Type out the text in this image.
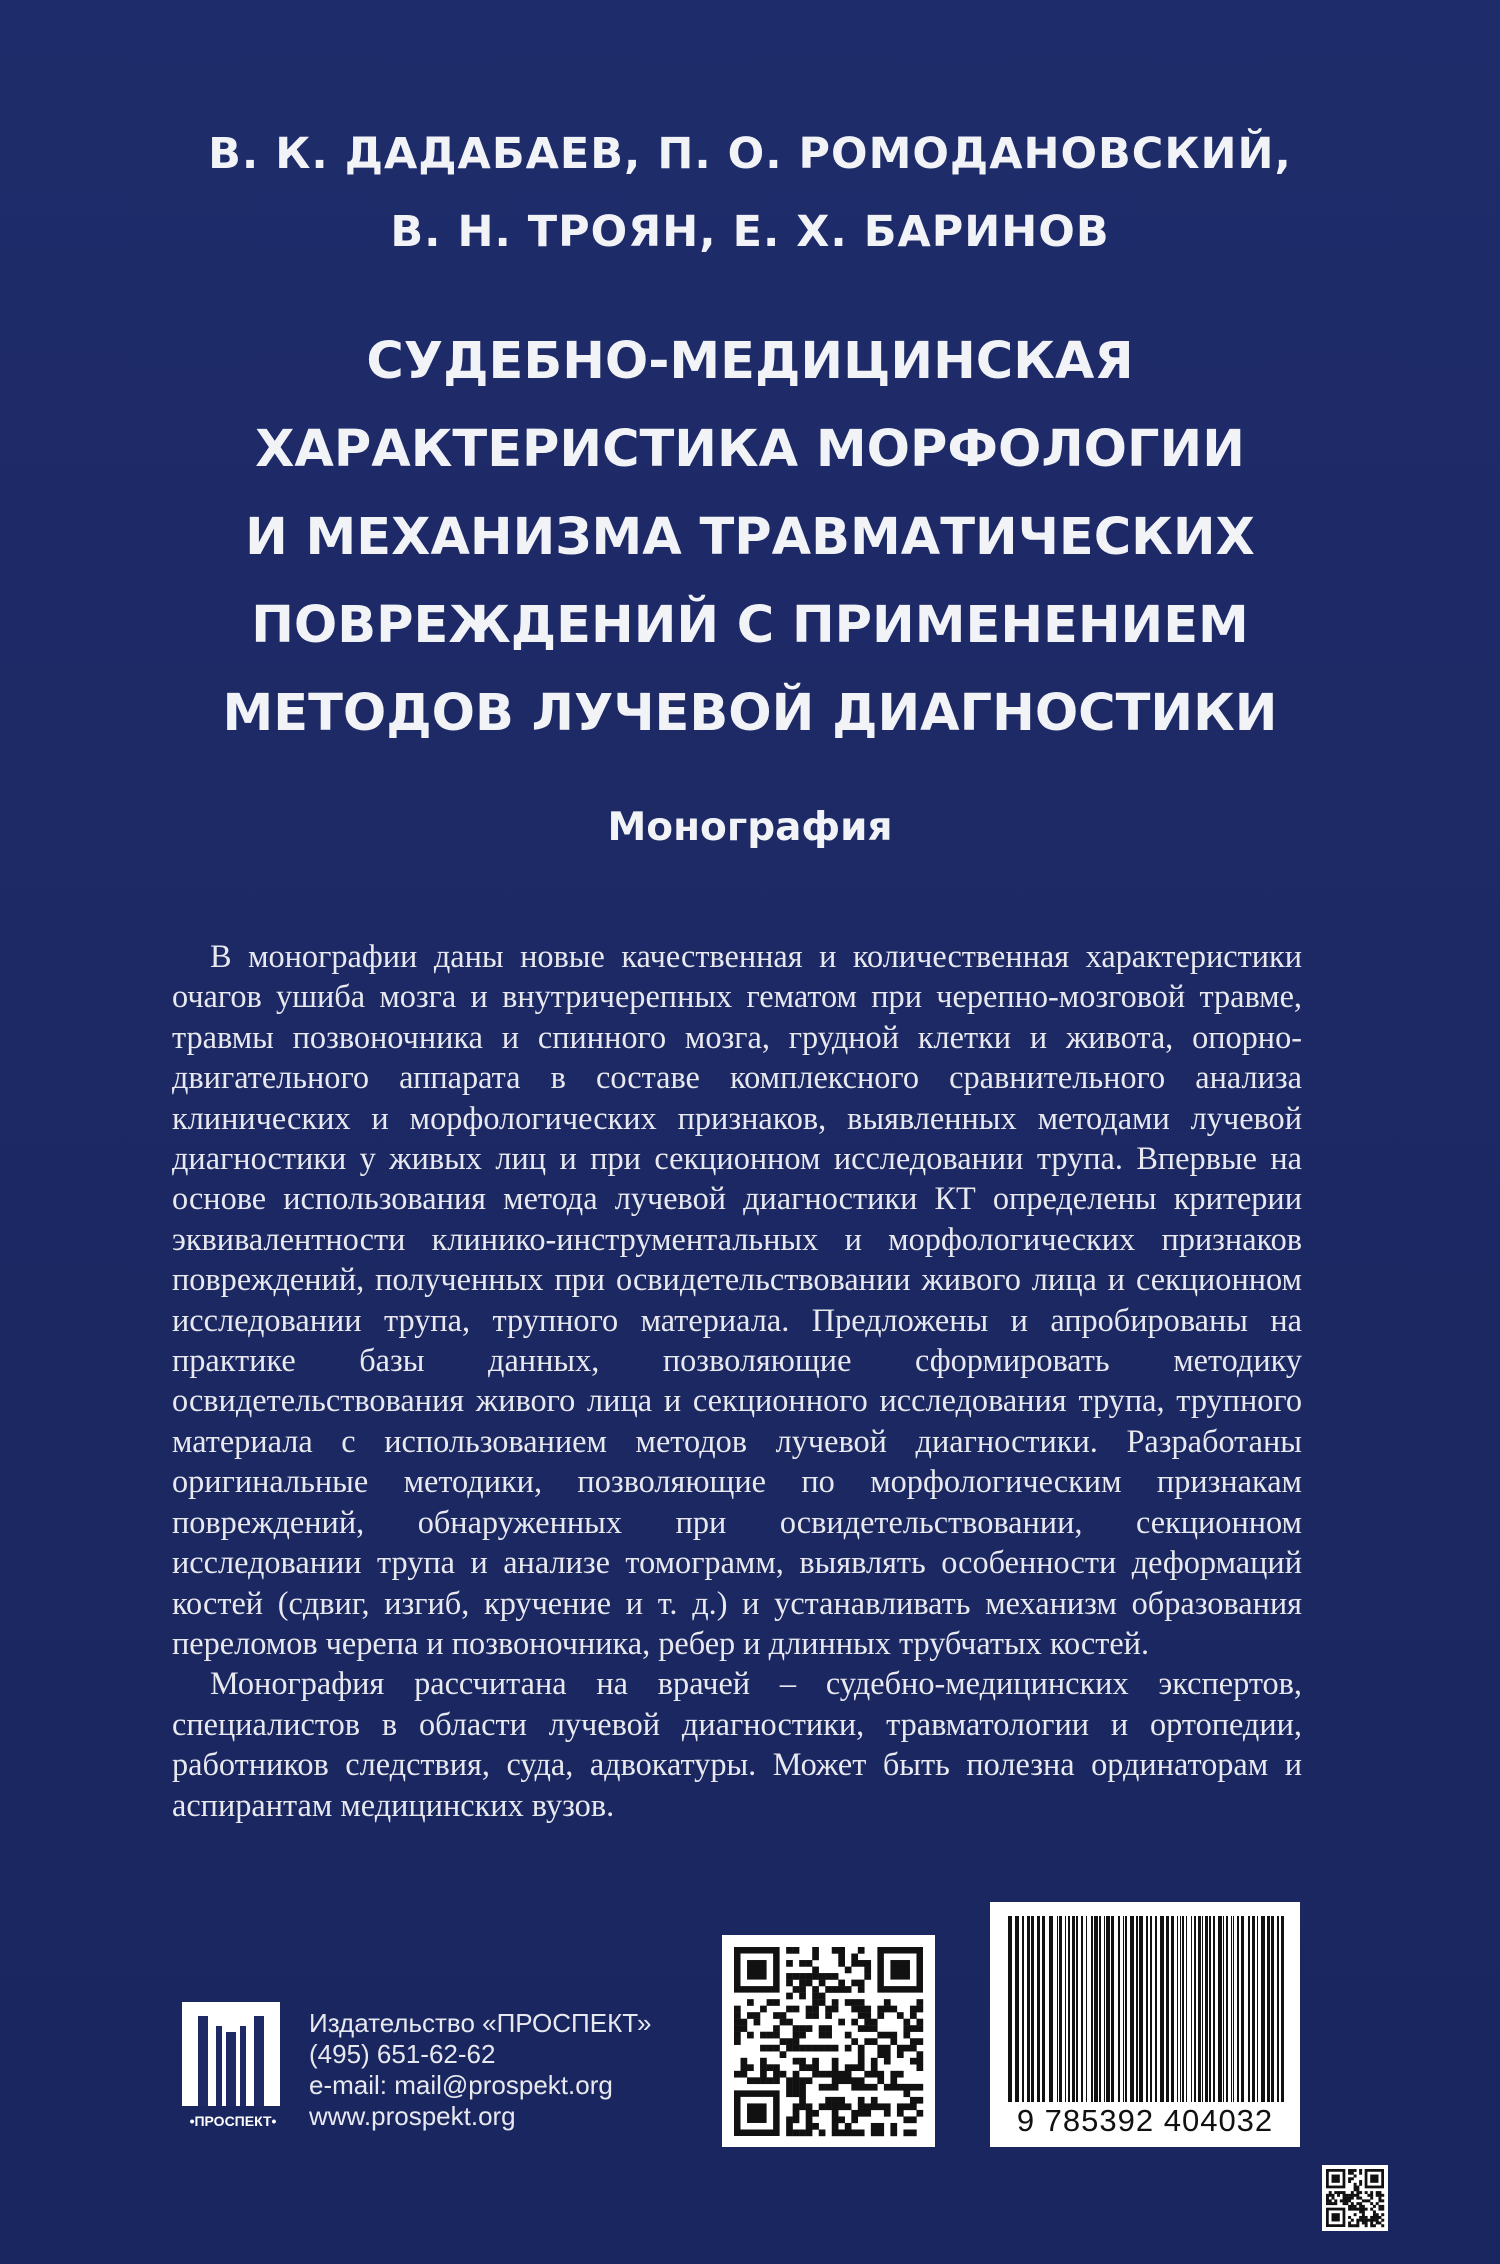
В. К. ДАДАБАЕВ, П. О. РОМОДАНОВСКИЙ,
В. Н. ТРОЯН, Е. Х. БАРИНОВ
СУДЕБНО-МЕДИЦИНСКАЯ
ХАРАКТЕРИСТИКА МОРФОЛОГИИ
И МЕХАНИЗМА ТРАВМАТИЧЕСКИХ
ПОВРЕЖДЕНИЙ С ПРИМЕНЕНИЕМ
МЕТОДОВ ЛУЧЕВОЙ ДИАГНОСТИКИ
Монография

В монографии даны новые качественная и количественная характеристики очагов ушиба мозга и внутричерепных гематом при черепно-мозговой травме, травмы позвоночника и спинного мозга, грудной клетки и живота, опорно-двигательного аппарата в составе комплексного сравнительного анализа клинических и морфологических признаков, выявленных методами лучевой диагностики у живых лиц и при секционном исследовании трупа. Впервые на основе использования метода лучевой диагностики КТ определены критерии эквивалентности клинико-инструментальных и морфологических признаков повреждений, полученных при освидетельствовании живого лица и секционном исследовании трупа, трупного материала. Предложены и апробированы на практике базы данных, позволяющие сформировать методику освидетельствования живого лица и секционного исследования трупа, трупного материала с использованием методов лучевой диагностики. Разработаны оригинальные методики, позволяющие по морфологическим признакам повреждений, обнаруженных при освидетельствовании, секционном исследовании трупа и анализе томограмм, выявлять особенности деформаций костей (сдвиг, изгиб, кручение и т. д.) и устанавливать механизм образования переломов черепа и позвоночника, ребер и длинных трубчатых костей.

Монография рассчитана на врачей – судебно-медицинских экспертов, специалистов в области лучевой диагностики, травматологии и ортопедии, работников следствия, суда, адвокатуры. Может быть полезна ординаторам и аспирантам медицинских вузов.

•ПРОСПЕКТ•
Издательство «ПРОСПЕКТ»
(495) 651-62-62
e-mail: mail@prospekt.org
www.prospekt.org	9 785392 404032
